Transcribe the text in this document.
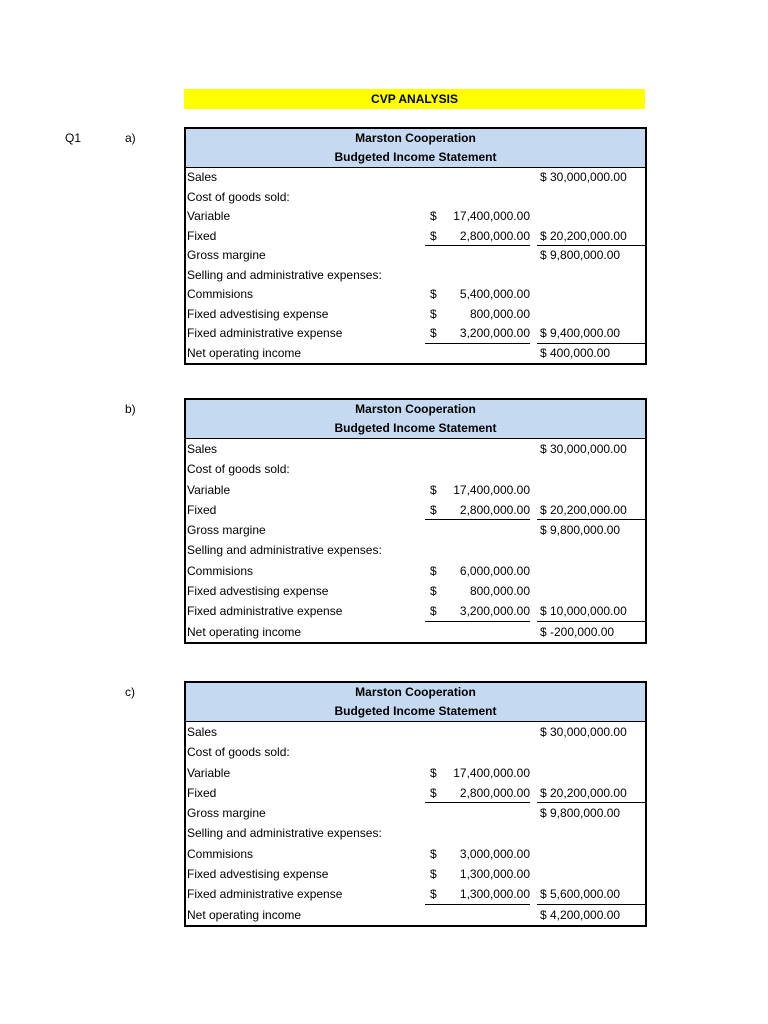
CVP ANALYSIS
Q1	a)
b)
c)
Marston Cooperation
Budgeted Income Statement
Sales	$ 30,000,000.00
Cost of goods sold:
Variable	$ 17,400,000.00
Fixed	$ 2,800,000.00 $ 20,200,000.00
Gross margine	$ 9,800,000.00
Selling and administrative expenses:
Commisions	$ 5,400,000.00
Fixed advestising expense	$	800,000.00
Fixed administrative expense	$ 3,200,000.00 $ 9,400,000.00
Net operating income	$ 400,000.00
Marston Cooperation
Budgeted Income Statement
Sales	$ 30,000,000.00
Cost of goods sold:
Variable	$ 17,400,000.00
Fixed	$ 2,800,000.00 $ 20,200,000.00
Gross margine	$ 9,800,000.00
Selling and administrative expenses:
Commisions	$ 6,000,000.00
Fixed advestising expense	$	800,000.00
Fixed administrative expense	$ 3,200,000.00 $ 10,000,000.00
Net operating income	$ -200,000.00
Marston Cooperation
Budgeted Income Statement
Sales	$ 30,000,000.00
Cost of goods sold:
Variable	$ 17,400,000.00
Fixed	$ 2,800,000.00 $ 20,200,000.00
Gross margine	$ 9,800,000.00
Selling and administrative expenses:
Commisions	$ 3,000,000.00
Fixed advestising expense	$ 1,300,000.00
Fixed administrative expense	$ 1,300,000.00 $ 5,600,000.00
Net operating income	$ 4,200,000.00
